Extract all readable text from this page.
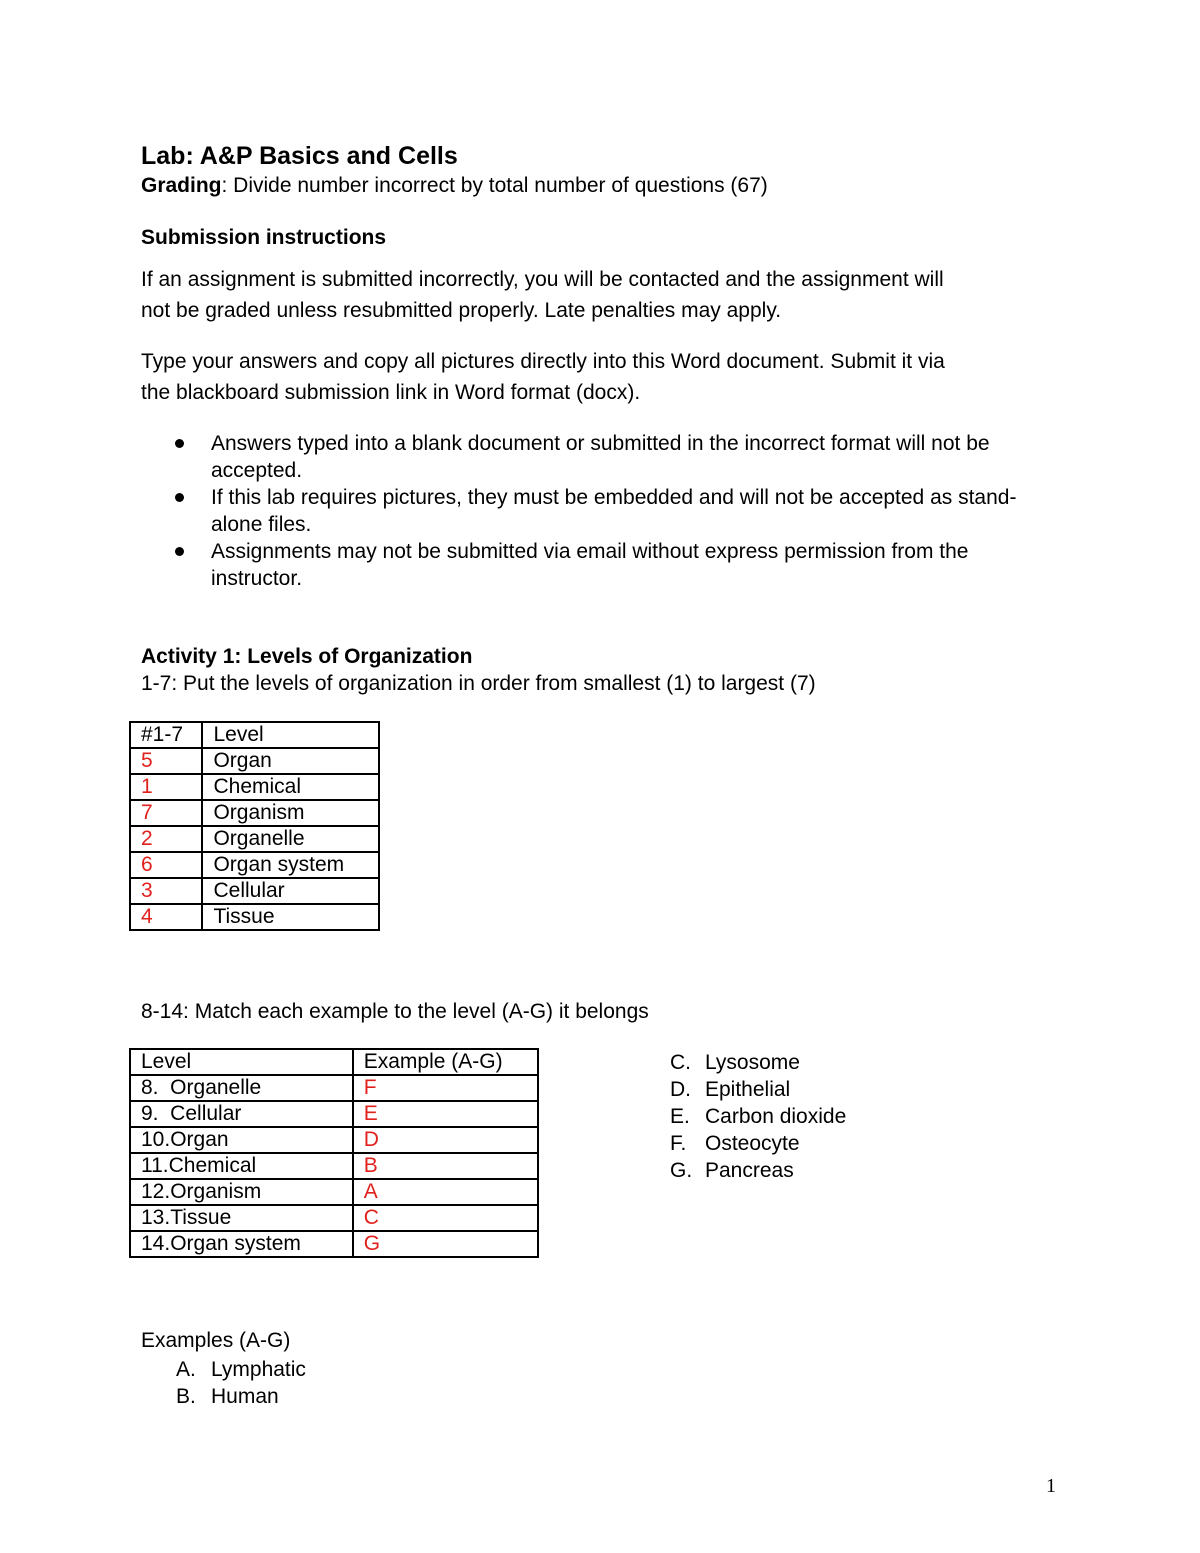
Lab: A&P Basics and Cells
Grading: Divide number incorrect by total number of questions (67)
Submission instructions
If an assignment is submitted incorrectly, you will be contacted and the assignment will
not be graded unless resubmitted properly. Late penalties may apply.
Type your answers and copy all pictures directly into this Word document. Submit it via
the blackboard submission link in Word format (docx).
Answers typed into a blank document or submitted in the incorrect format will not be accepted.
If this lab requires pictures, they must be embedded and will not be accepted as stand-alone files.
Assignments may not be submitted via email without express permission from the instructor.
Activity 1: Levels of Organization
1-7: Put the levels of organization in order from smallest (1) to largest (7)
#1-7	Level
5	Organ
1	Chemical
7	Organism
2	Organelle
6	Organ system
3	Cellular
4	Tissue
8-14: Match each example to the level (A-G) it belongs
Level	Example (A-G)
8.  Organelle	F
9.  Cellular	E
10.Organ	D
11.Chemical	B
12.Organism	A
13.Tissue	C
14.Organ system	G
C. Lysosome
D. Epithelial
E. Carbon dioxide
F. Osteocyte
G. Pancreas
Examples (A-G)
A. Lymphatic
B. Human
1
